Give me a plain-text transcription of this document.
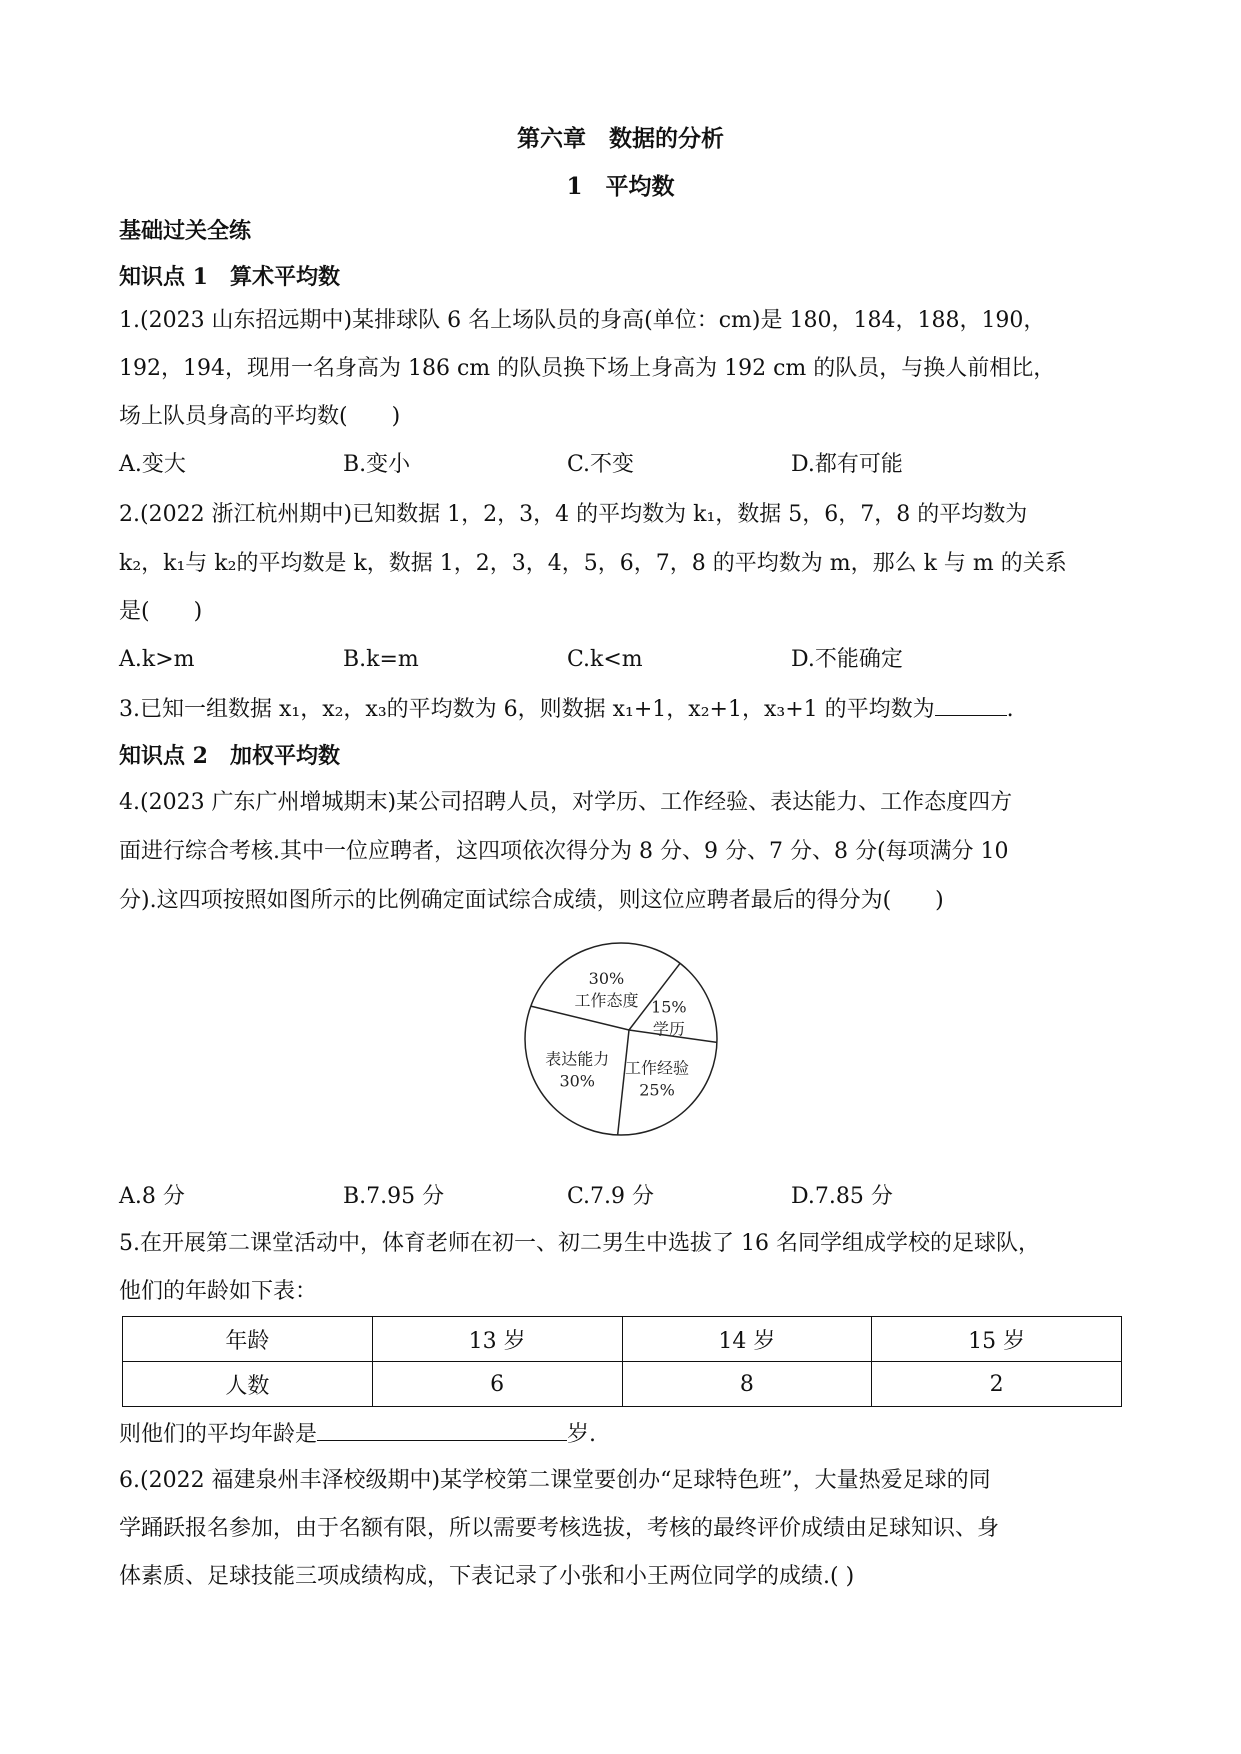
第六章　数据的分析
1　平均数
基础过关全练
知识点 1　算术平均数
1.(2023 山东招远期中)某排球队 6 名上场队员的身高(单位：cm)是 180，184，188，190，
192，194，现用一名身高为 186 cm 的队员换下场上身高为 192 cm 的队员，与换人前相比，
场上队员身高的平均数(　　)
A.变大	B.变小	C.不变	D.都有可能
2.(2022 浙江杭州期中)已知数据 1，2，3，4 的平均数为 k₁，数据 5，6，7，8 的平均数为
k₂，k₁与 k₂的平均数是 k，数据 1，2，3，4，5，6，7，8 的平均数为 m，那么 k 与 m 的关系
是(　　)
A.k>m	B.k=m	C.k<m	D.不能确定
3.已知一组数据 x₁，x₂，x₃的平均数为 6，则数据 x₁+1，x₂+1，x₃+1 的平均数为	.
知识点 2　加权平均数
4.(2023 广东广州增城期末)某公司招聘人员，对学历、工作经验、表达能力、工作态度四方
面进行综合考核.其中一位应聘者，这四项依次得分为 8 分、9 分、7 分、8 分(每项满分 10
分).这四项按照如图所示的比例确定面试综合成绩，则这位应聘者最后的得分为(　　)
30%
工作态度 15%
学历
工作经验
25%
表达能力
30%
A.8 分	B.7.95 分	C.7.9 分	D.7.85 分
5.在开展第二课堂活动中，体育老师在初一、初二男生中选拔了 16 名同学组成学校的足球队，
他们的年龄如下表：
年龄	13 岁	14 岁	15 岁
人数	6	8	2
则他们的平均年龄是	岁.
6.(2022 福建泉州丰泽校级期中)某学校第二课堂要创办“足球特色班”，大量热爱足球的同
学踊跃报名参加，由于名额有限，所以需要考核选拔，考核的最终评价成绩由足球知识、身
体素质、足球技能三项成绩构成，下表记录了小张和小王两位同学的成绩.( )
